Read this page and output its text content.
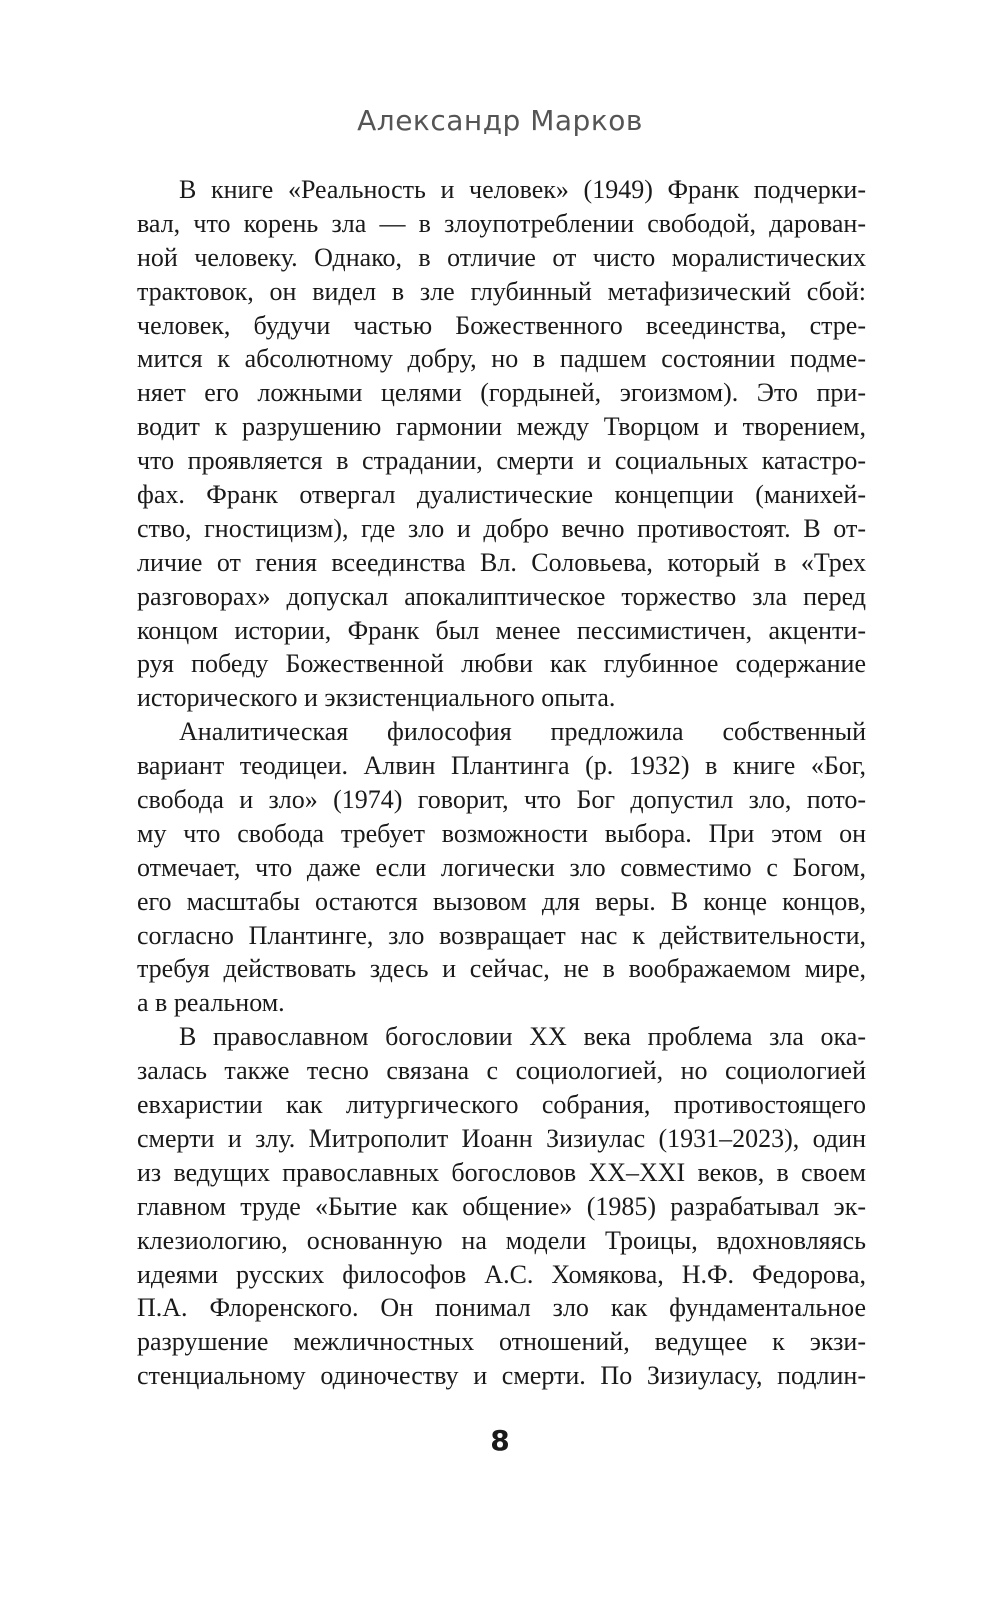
Александр Марков
В книге «Реальность и человек» (1949) Франк подчерки-
вал, что корень зла — в злоупотреблении свободой, дарован-
ной человеку. Однако, в отличие от чисто моралистических
трактовок, он видел в зле глубинный метафизический сбой:
человек, будучи частью Божественного всеединства, стре-
мится к абсолютному добру, но в падшем состоянии подме-
няет его ложными целями (гордыней, эгоизмом). Это при-
водит к разрушению гармонии между Творцом и творением,
что проявляется в страдании, смерти и социальных катастро-
фах. Франк отвергал дуалистические концепции (манихей-
ство, гностицизм), где зло и добро вечно противостоят. В от-
личие от гения всеединства Вл. Соловьева, который в «Трех
разговорах» допускал апокалиптическое торжество зла перед
концом истории, Франк был менее пессимистичен, акценти-
руя победу Божественной любви как глубинное содержание
исторического и экзистенциального опыта.
Аналитическая философия предложила собственный
вариант теодицеи. Алвин Плантинга (р. 1932) в книге «Бог,
свобода и зло» (1974) говорит, что Бог допустил зло, пото-
му что свобода требует возможности выбора. При этом он
отмечает, что даже если логически зло совместимо с Богом,
его масштабы остаются вызовом для веры. В конце концов,
согласно Плантинге, зло возвращает нас к действительности,
требуя действовать здесь и сейчас, не в воображаемом мире,
а в реальном.
В православном богословии XX века проблема зла ока-
залась также тесно связана с социологией, но социологией
евхаристии как литургического собрания, противостоящего
смерти и злу. Митрополит Иоанн Зизиулас (1931–2023), один
из ведущих православных богословов XX–XXI веков, в своем
главном труде «Бытие как общение» (1985) разрабатывал эк-
клезиологию, основанную на модели Троицы, вдохновляясь
идеями русских философов А.С. Хомякова, Н.Ф. Федорова,
П.А. Флоренского. Он понимал зло как фундаментальное
разрушение межличностных отношений, ведущее к экзи-
стенциальному одиночеству и смерти. По Зизиуласу, подлин-
8
